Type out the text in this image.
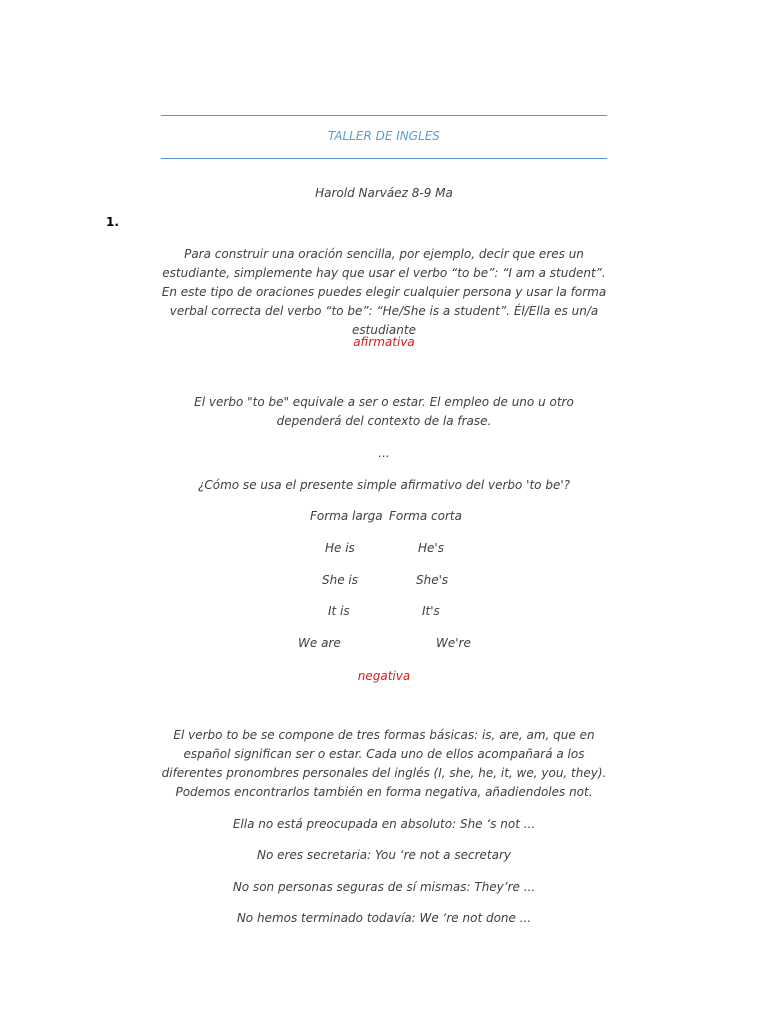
TALLER DE INGLES
Harold Narváez 8-9 Ma
1.
Para construir una oración sencilla, por ejemplo, decir que eres un estudiante, simplemente hay que usar el verbo “to be”: “I am a student”. En este tipo de oraciones puedes elegir cualquier persona y usar la forma verbal correcta del verbo “to be”: “He/She is a student”. Él/Ella es un/a estudiante
afirmativa
El verbo "to be" equivale a ser o estar. El empleo de uno u otro dependerá del contexto de la frase.
...
¿Cómo se usa el presente simple afirmativo del verbo 'to be'?
Forma larga Forma corta
He is	He's
She is	She's
It is	It's
We are	We're
negativa
El verbo to be se compone de tres formas básicas: is, are, am, que en español significan ser o estar. Cada uno de ellos acompañará a los diferentes pronombres personales del inglés (I, she, he, it, we, you, they). Podemos encontrarlos también en forma negativa, añadiendoles not.
Ella no está preocupada en absoluto: She ‘s not ...
No eres secretaria: You ‘re not a secretary
No son personas seguras de sí mismas: They’re ...
No hemos terminado todavía: We ‘re not done ...
